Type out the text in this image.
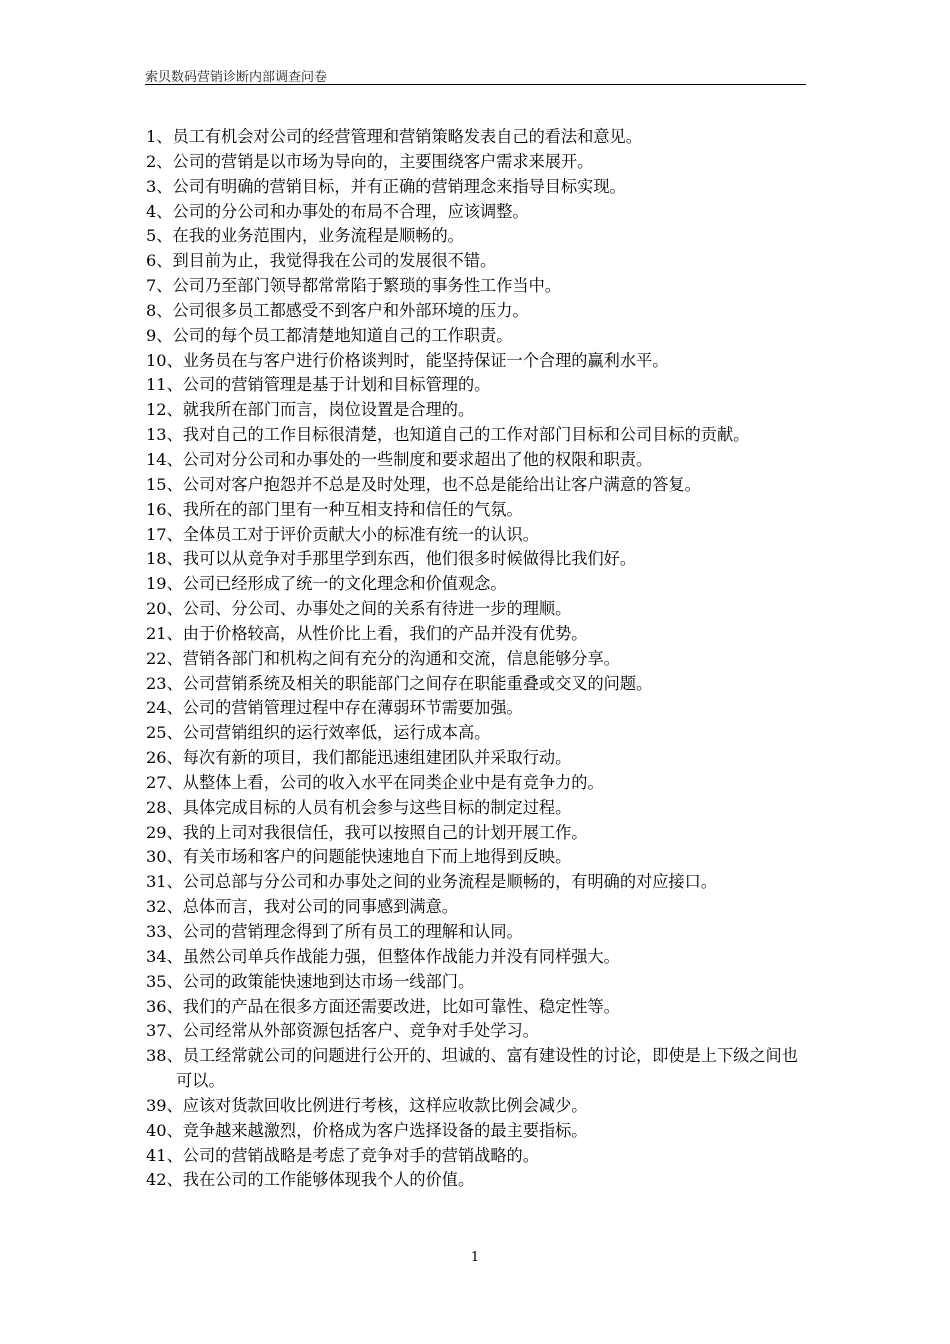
索贝数码营销诊断内部调查问卷
1、员工有机会对公司的经营管理和营销策略发表自己的看法和意见。
2、公司的营销是以市场为导向的，主要围绕客户需求来展开。
3、公司有明确的营销目标，并有正确的营销理念来指导目标实现。
4、公司的分公司和办事处的布局不合理，应该调整。
5、在我的业务范围内，业务流程是顺畅的。
6、到目前为止，我觉得我在公司的发展很不错。
7、公司乃至部门领导都常常陷于繁琐的事务性工作当中。
8、公司很多员工都感受不到客户和外部环境的压力。
9、公司的每个员工都清楚地知道自己的工作职责。
10、业务员在与客户进行价格谈判时，能坚持保证一个合理的赢利水平。
11、公司的营销管理是基于计划和目标管理的。
12、就我所在部门而言，岗位设置是合理的。
13、我对自己的工作目标很清楚，也知道自己的工作对部门目标和公司目标的贡献。
14、公司对分公司和办事处的一些制度和要求超出了他的权限和职责。
15、公司对客户抱怨并不总是及时处理，也不总是能给出让客户满意的答复。
16、我所在的部门里有一种互相支持和信任的气氛。
17、全体员工对于评价贡献大小的标准有统一的认识。
18、我可以从竞争对手那里学到东西，他们很多时候做得比我们好。
19、公司已经形成了统一的文化理念和价值观念。
20、公司、分公司、办事处之间的关系有待进一步的理顺。
21、由于价格较高，从性价比上看，我们的产品并没有优势。
22、营销各部门和机构之间有充分的沟通和交流，信息能够分享。
23、公司营销系统及相关的职能部门之间存在职能重叠或交叉的问题。
24、公司的营销管理过程中存在薄弱环节需要加强。
25、公司营销组织的运行效率低，运行成本高。
26、每次有新的项目，我们都能迅速组建团队并采取行动。
27、从整体上看，公司的收入水平在同类企业中是有竞争力的。
28、具体完成目标的人员有机会参与这些目标的制定过程。
29、我的上司对我很信任，我可以按照自己的计划开展工作。
30、有关市场和客户的问题能快速地自下而上地得到反映。
31、公司总部与分公司和办事处之间的业务流程是顺畅的，有明确的对应接口。
32、总体而言，我对公司的同事感到满意。
33、公司的营销理念得到了所有员工的理解和认同。
34、虽然公司单兵作战能力强，但整体作战能力并没有同样强大。
35、公司的政策能快速地到达市场一线部门。
36、我们的产品在很多方面还需要改进，比如可靠性、稳定性等。
37、公司经常从外部资源包括客户、竞争对手处学习。
38、员工经常就公司的问题进行公开的、坦诚的、富有建设性的讨论，即使是上下级之间也可以。
39、应该对货款回收比例进行考核，这样应收款比例会减少。
40、竞争越来越激烈，价格成为客户选择设备的最主要指标。
41、公司的营销战略是考虑了竞争对手的营销战略的。
42、我在公司的工作能够体现我个人的价值。
1
